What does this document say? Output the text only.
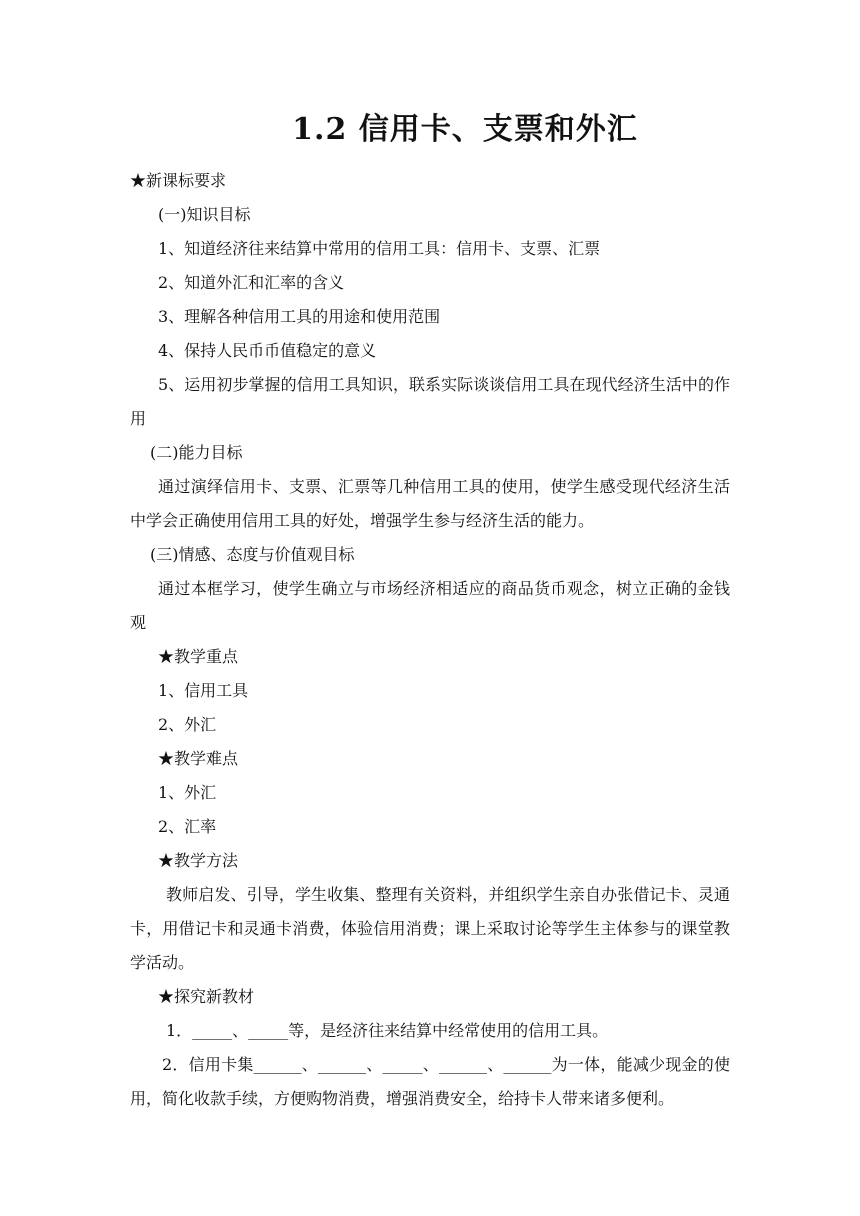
1.2 信用卡、支票和外汇
★新课标要求
(一)知识目标
1、知道经济往来结算中常用的信用工具：信用卡、支票、汇票
2、知道外汇和汇率的含义
3、理解各种信用工具的用途和使用范围
4、保持人民币币值稳定的意义
5、运用初步掌握的信用工具知识，联系实际谈谈信用工具在现代经济生活中的作用
(二)能力目标
通过演绎信用卡、支票、汇票等几种信用工具的使用，使学生感受现代经济生活中学会正确使用信用工具的好处，增强学生参与经济生活的能力。
(三)情感、态度与价值观目标
通过本框学习，使学生确立与市场经济相适应的商品货币观念，树立正确的金钱观
★教学重点
1、信用工具
2、外汇
★教学难点
1、外汇
2、汇率
★教学方法
教师启发、引导，学生收集、整理有关资料，并组织学生亲自办张借记卡、灵通卡，用借记卡和灵通卡消费，体验信用消费；课上采取讨论等学生主体参与的课堂教学活动。
★探究新教材
1．_____、_____等，是经济往来结算中经常使用的信用工具。
2．信用卡集______、______、_____、______、______为一体，能减少现金的使用，简化收款手续，方便购物消费，增强消费安全，给持卡人带来诸多便利。
